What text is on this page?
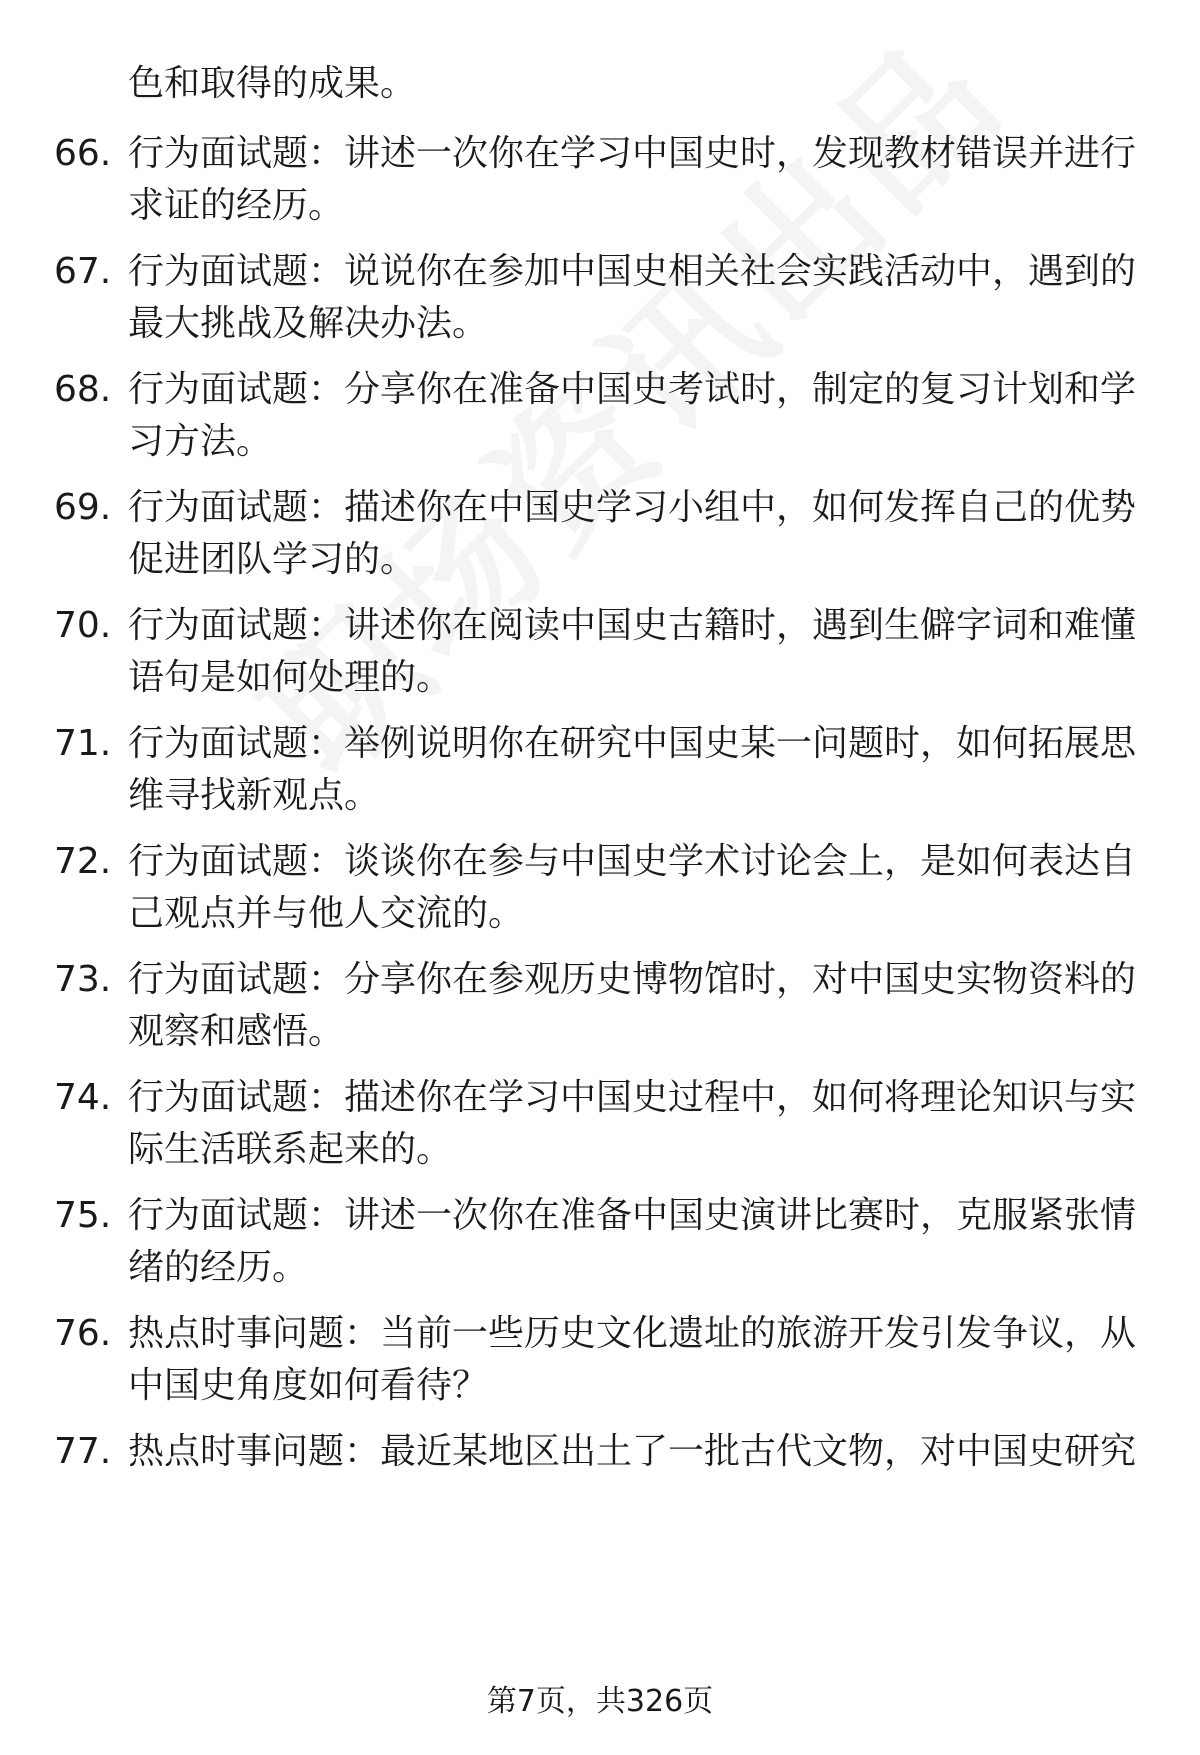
色和取得的成果。
66. 行为面试题：讲述一次你在学习中国史时，发现教材错误并进行
求证的经历。
67. 行为面试题：说说你在参加中国史相关社会实践活动中，遇到的
最大挑战及解决办法。
68. 行为面试题：分享你在准备中国史考试时，制定的复习计划和学
习方法。
69. 行为面试题：描述你在中国史学习小组中，如何发挥自己的优势
促进团队学习的。
70. 行为面试题：讲述你在阅读中国史古籍时，遇到生僻字词和难懂
语句是如何处理的。
71. 行为面试题：举例说明你在研究中国史某一问题时，如何拓展思
维寻找新观点。
72. 行为面试题：谈谈你在参与中国史学术讨论会上，是如何表达自
己观点并与他人交流的。
73. 行为面试题：分享你在参观历史博物馆时，对中国史实物资料的
观察和感悟。
74. 行为面试题：描述你在学习中国史过程中，如何将理论知识与实
际生活联系起来的。
75. 行为面试题：讲述一次你在准备中国史演讲比赛时，克服紧张情
绪的经历。
76. 热点时事问题：当前一些历史文化遗址的旅游开发引发争议，从
中国史角度如何看待？
77. 热点时事问题：最近某地区出土了一批古代文物，对中国史研究
第7页，共326页
